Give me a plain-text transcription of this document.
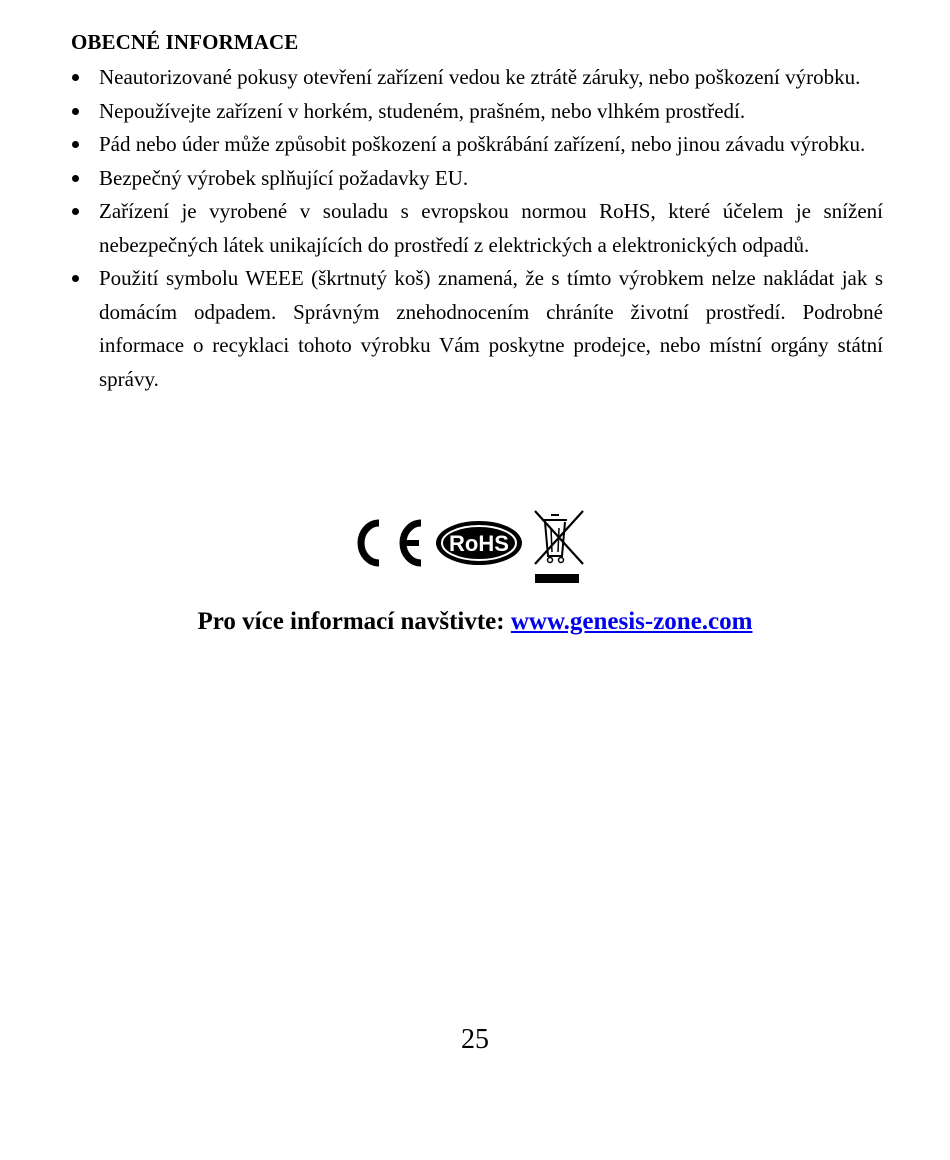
OBECNÉ INFORMACE
Neautorizované pokusy otevření zařízení vedou ke ztrátě záruky, nebo poškození výrobku.
Nepoužívejte zařízení v horkém, studeném, prašném, nebo vlhkém prostředí.
Pád nebo úder může způsobit poškození a poškrábání zařízení, nebo jinou závadu výrobku.
Bezpečný výrobek splňující požadavky EU.
Zařízení je vyrobené v souladu s evropskou normou RoHS, které účelem je snížení nebezpečných látek unikajících do prostředí z elektrických a elektronických odpadů.
Použití symbolu WEEE (škrtnutý koš) znamená, že s tímto výrobkem nelze nakládat jak s domácím odpadem. Správným znehodnocením chráníte životní prostředí. Podrobné informace o recyklaci tohoto výrobku Vám poskytne prodejce, nebo místní orgány státní správy.
RoHS

Pro více informací navštivte: www.genesis-zone.com

25
